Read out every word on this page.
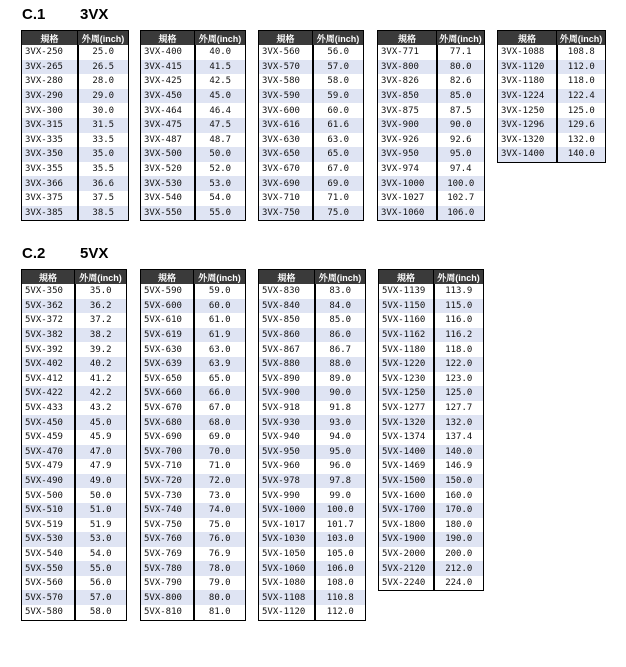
C.1 3VX
規格	外周(inch)
3VX-250	25.0
3VX-265	26.5
3VX-280	28.0
3VX-290	29.0
3VX-300	30.0
3VX-315	31.5
3VX-335	33.5
3VX-350	35.0
3VX-355	35.5
3VX-366	36.6
3VX-375	37.5
3VX-385	38.5
規格	外周(inch)
3VX-400	40.0
3VX-415	41.5
3VX-425	42.5
3VX-450	45.0
3VX-464	46.4
3VX-475	47.5
3VX-487	48.7
3VX-500	50.0
3VX-520	52.0
3VX-530	53.0
3VX-540	54.0
3VX-550	55.0
規格	外周(inch)
3VX-560	56.0
3VX-570	57.0
3VX-580	58.0
3VX-590	59.0
3VX-600	60.0
3VX-616	61.6
3VX-630	63.0
3VX-650	65.0
3VX-670	67.0
3VX-690	69.0
3VX-710	71.0
3VX-750	75.0
規格	外周(inch)
3VX-771	77.1
3VX-800	80.0
3VX-826	82.6
3VX-850	85.0
3VX-875	87.5
3VX-900	90.0
3VX-926	92.6
3VX-950	95.0
3VX-974	97.4
3VX-1000	100.0
3VX-1027	102.7
3VX-1060	106.0
規格	外周(inch)
3VX-1088	108.8
3VX-1120	112.0
3VX-1180	118.0
3VX-1224	122.4
3VX-1250	125.0
3VX-1296	129.6
3VX-1320	132.0
3VX-1400	140.0
C.2 5VX
規格	外周(inch)
5VX-350	35.0
5VX-362	36.2
5VX-372	37.2
5VX-382	38.2
5VX-392	39.2
5VX-402	40.2
5VX-412	41.2
5VX-422	42.2
5VX-433	43.2
5VX-450	45.0
5VX-459	45.9
5VX-470	47.0
5VX-479	47.9
5VX-490	49.0
5VX-500	50.0
5VX-510	51.0
5VX-519	51.9
5VX-530	53.0
5VX-540	54.0
5VX-550	55.0
5VX-560	56.0
5VX-570	57.0
5VX-580	58.0
規格	外周(inch)
5VX-590	59.0
5VX-600	60.0
5VX-610	61.0
5VX-619	61.9
5VX-630	63.0
5VX-639	63.9
5VX-650	65.0
5VX-660	66.0
5VX-670	67.0
5VX-680	68.0
5VX-690	69.0
5VX-700	70.0
5VX-710	71.0
5VX-720	72.0
5VX-730	73.0
5VX-740	74.0
5VX-750	75.0
5VX-760	76.0
5VX-769	76.9
5VX-780	78.0
5VX-790	79.0
5VX-800	80.0
5VX-810	81.0
規格	外周(inch)
5VX-830	83.0
5VX-840	84.0
5VX-850	85.0
5VX-860	86.0
5VX-867	86.7
5VX-880	88.0
5VX-890	89.0
5VX-900	90.0
5VX-918	91.8
5VX-930	93.0
5VX-940	94.0
5VX-950	95.0
5VX-960	96.0
5VX-978	97.8
5VX-990	99.0
5VX-1000	100.0
5VX-1017	101.7
5VX-1030	103.0
5VX-1050	105.0
5VX-1060	106.0
5VX-1080	108.0
5VX-1108	110.8
5VX-1120	112.0
規格	外周(inch)
5VX-1139	113.9
5VX-1150	115.0
5VX-1160	116.0
5VX-1162	116.2
5VX-1180	118.0
5VX-1220	122.0
5VX-1230	123.0
5VX-1250	125.0
5VX-1277	127.7
5VX-1320	132.0
5VX-1374	137.4
5VX-1400	140.0
5VX-1469	146.9
5VX-1500	150.0
5VX-1600	160.0
5VX-1700	170.0
5VX-1800	180.0
5VX-1900	190.0
5VX-2000	200.0
5VX-2120	212.0
5VX-2240	224.0
